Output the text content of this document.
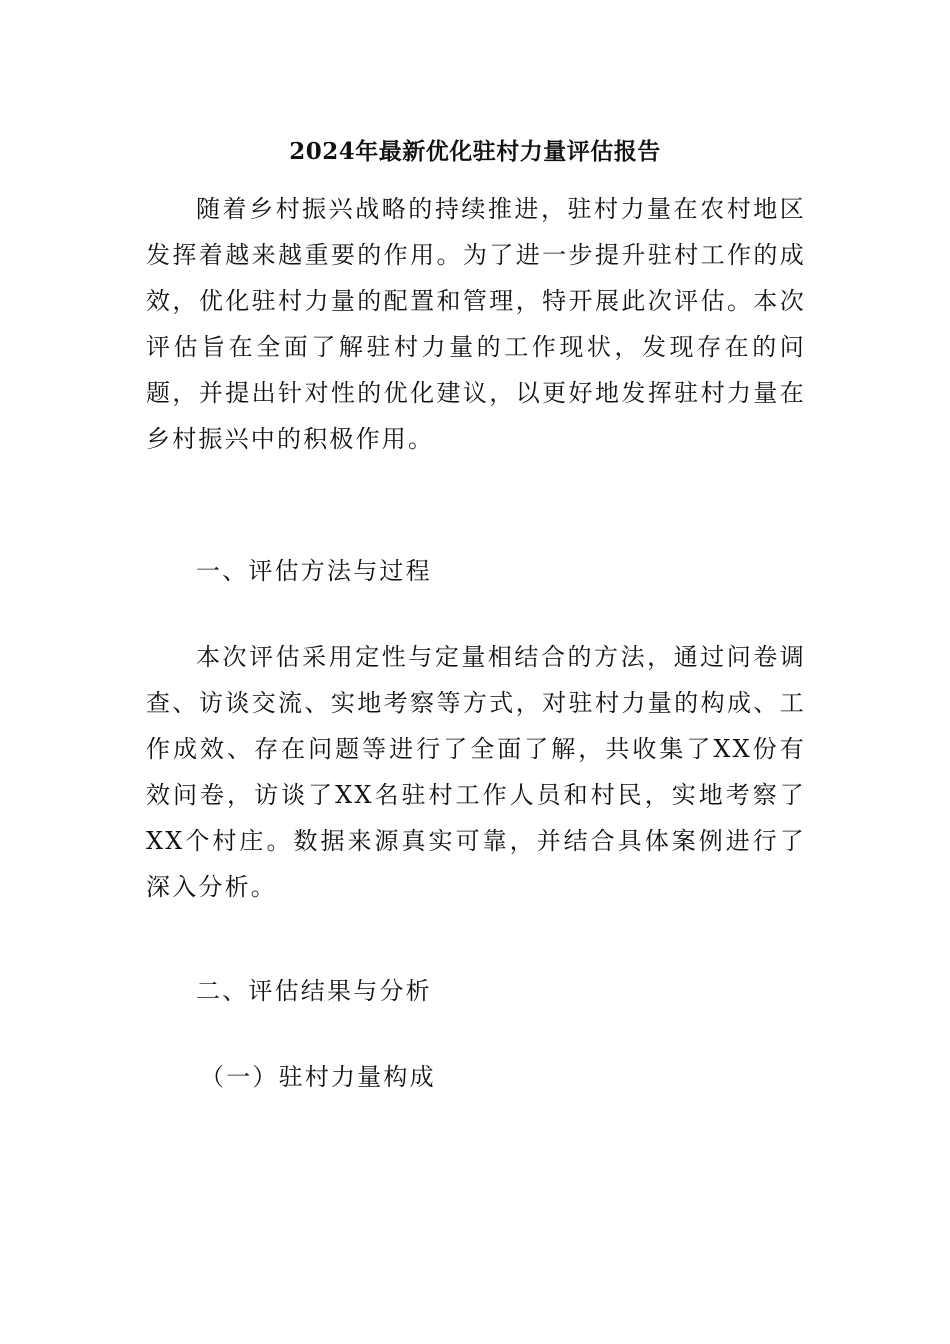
2024年最新优化驻村力量评估报告

随着乡村振兴战略的持续推进，驻村力量在农村地区发挥着越来越重要的作用。为了进一步提升驻村工作的成效，优化驻村力量的配置和管理，特开展此次评估。本次评估旨在全面了解驻村力量的工作现状，发现存在的问题，并提出针对性的优化建议，以更好地发挥驻村力量在乡村振兴中的积极作用。

一、评估方法与过程

本次评估采用定性与定量相结合的方法，通过问卷调查、访谈交流、实地考察等方式，对驻村力量的构成、工作成效、存在问题等进行了全面了解，共收集了XX份有效问卷，访谈了XX名驻村工作人员和村民，实地考察了XX个村庄。数据来源真实可靠，并结合具体案例进行了深入分析。

二、评估结果与分析

（一）驻村力量构成
